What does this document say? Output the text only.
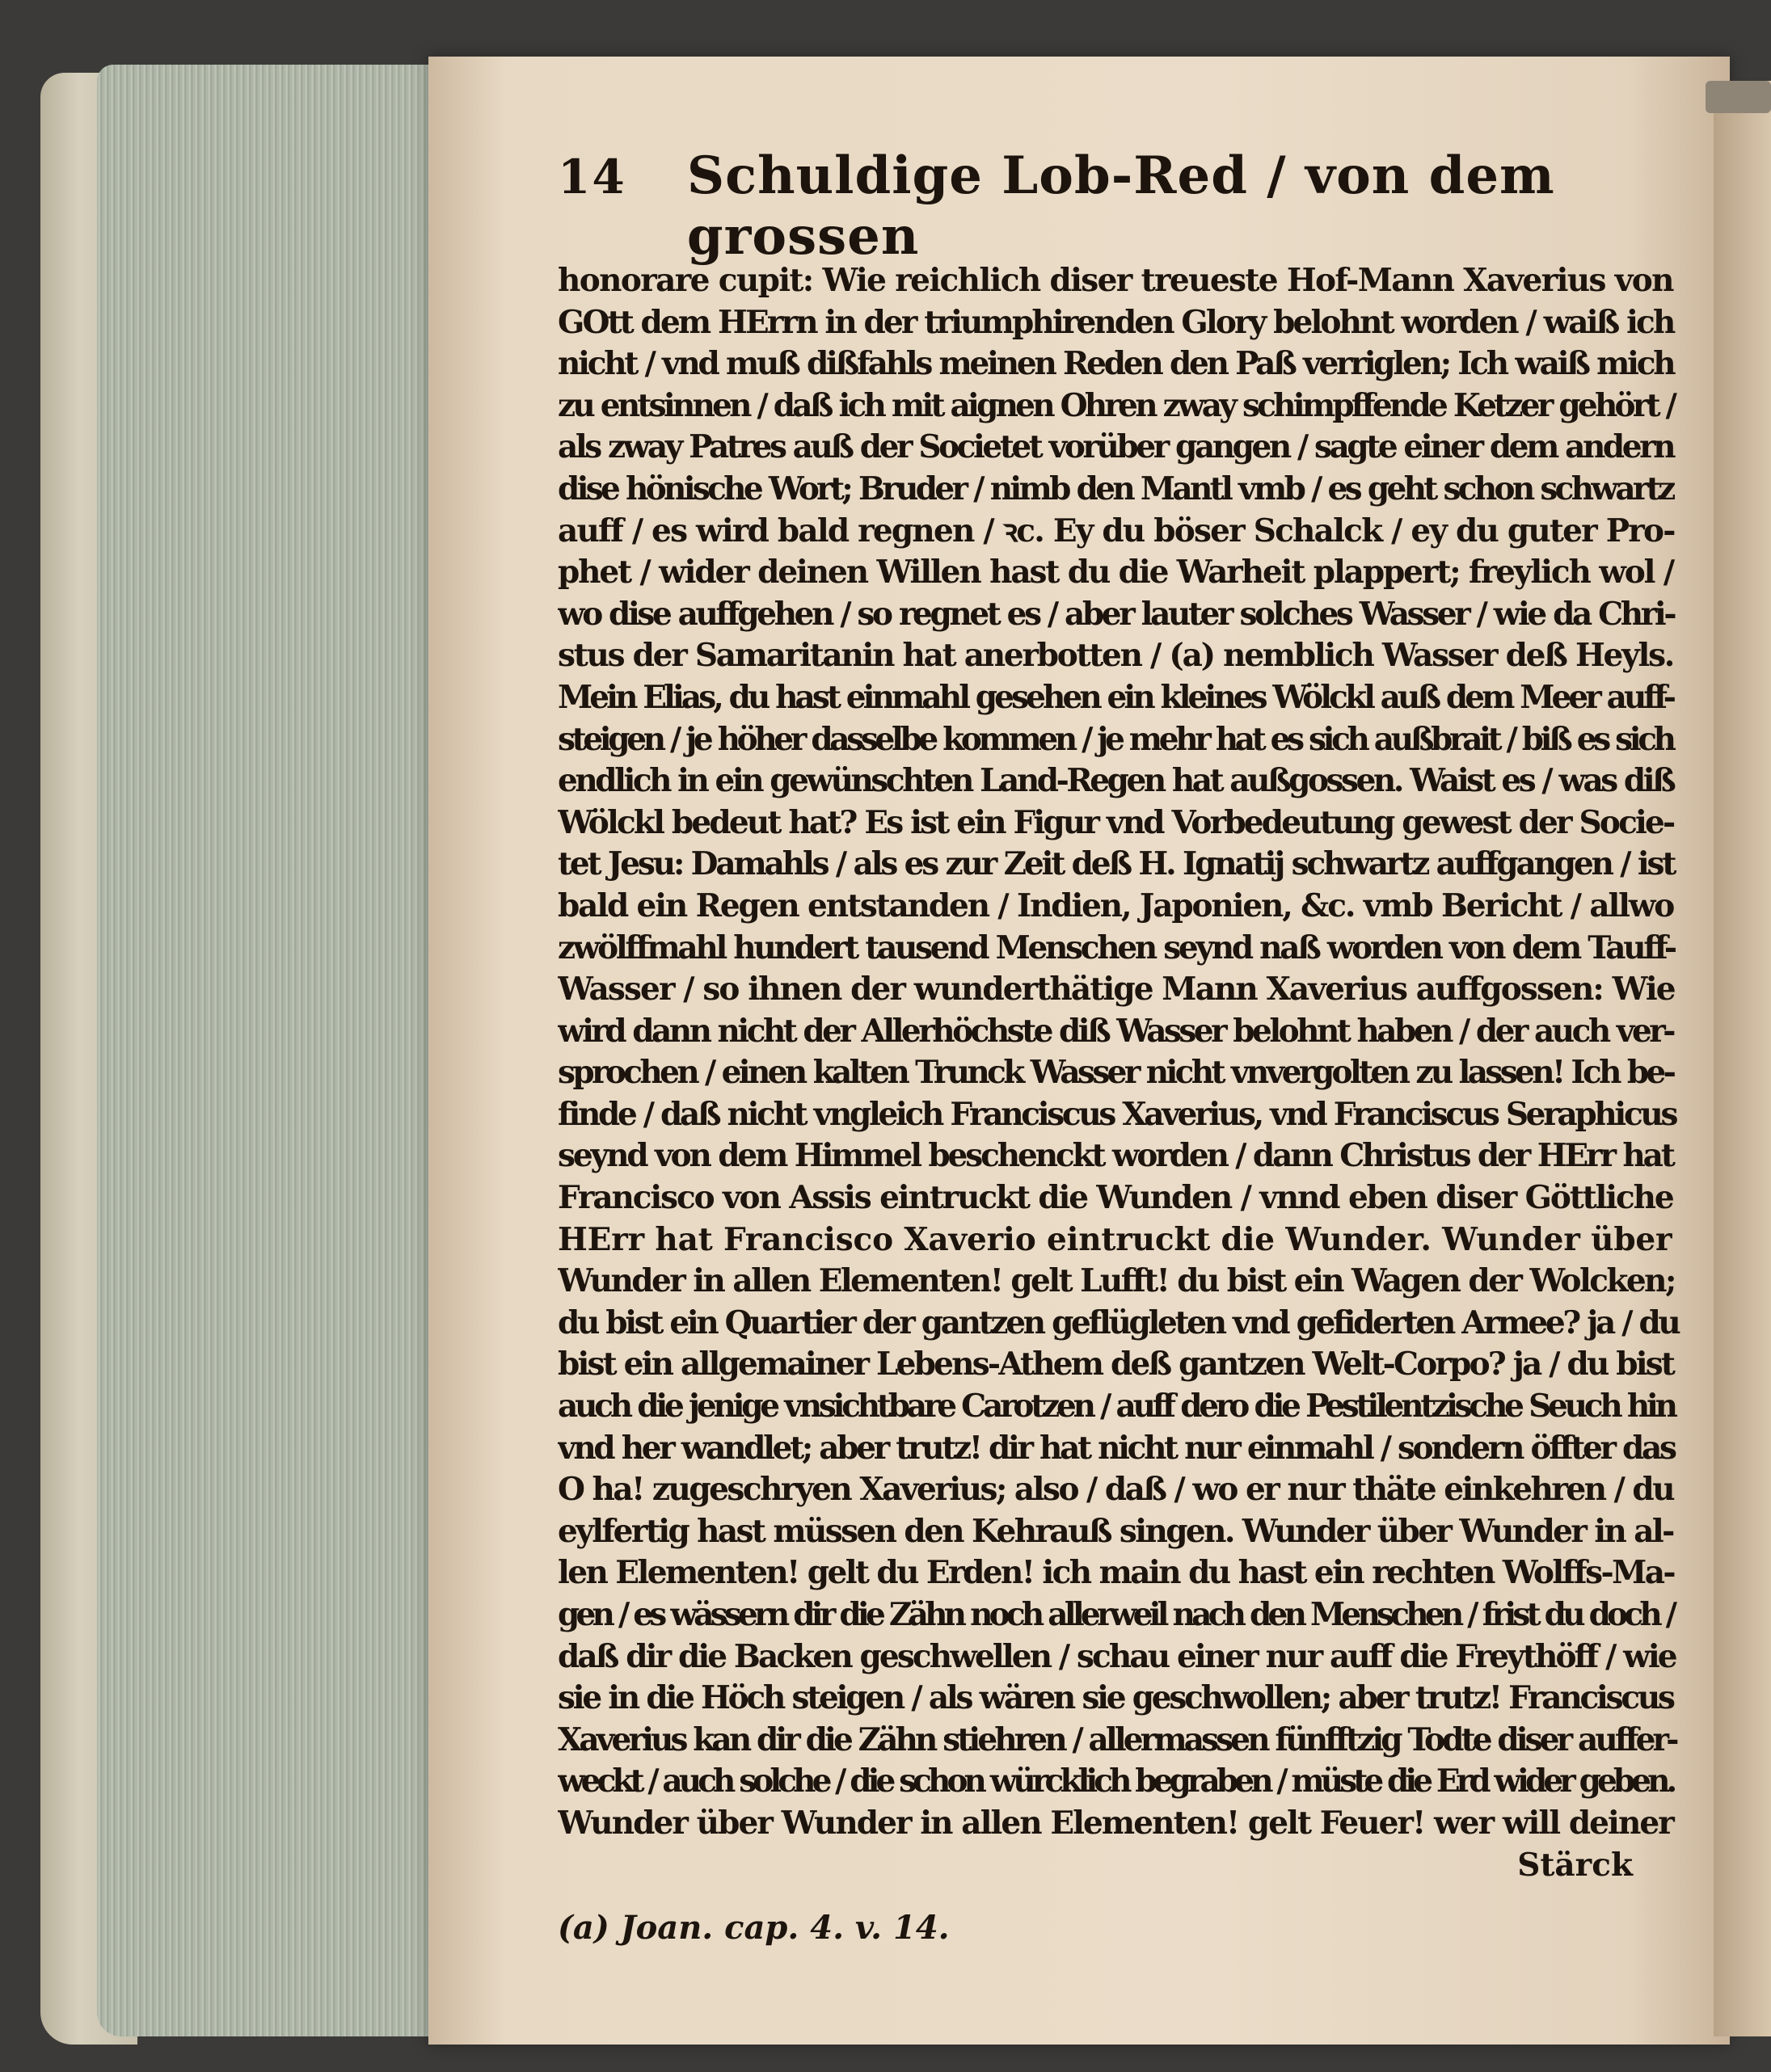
14	Schuldige Lob-Red / von dem grossen
honorare cupit: Wie reichlich diser treueste Hof-Mann Xaverius von
GOtt dem HErrn in der triumphirenden Glory belohnt worden / waiß ich
nicht / vnd muß dißfahls meinen Reden den Paß verriglen; Ich waiß mich
zu entsinnen / daß ich mit aignen Ohren zway schimpffende Ketzer gehört /
als zway Patres auß der Societet vorüber gangen / sagte einer dem andern
dise hönische Wort; Bruder / nimb den Mantl vmb / es geht schon schwartz
auff / es wird bald regnen / ꝛc. Ey du böser Schalck / ey du guter Pro-
phet / wider deinen Willen hast du die Warheit plappert; freylich wol /
wo dise auffgehen / so regnet es / aber lauter solches Wasser / wie da Chri-
stus der Samaritanin hat anerbotten / (a) nemblich Wasser deß Heyls.
Mein Elias, du hast einmahl gesehen ein kleines Wölckl auß dem Meer auff-
steigen / je höher dasselbe kommen / je mehr hat es sich außbrait / biß es sich
endlich in ein gewünschten Land-Regen hat außgossen. Waist es / was diß
Wölckl bedeut hat? Es ist ein Figur vnd Vorbedeutung gewest der Socie-
tet Jesu: Damahls / als es zur Zeit deß H. Ignatij schwartz auffgangen / ist
bald ein Regen entstanden / Indien, Japonien, &c. vmb Bericht / allwo
zwölffmahl hundert tausend Menschen seynd naß worden von dem Tauff-
Wasser / so ihnen der wunderthätige Mann Xaverius auffgossen: Wie
wird dann nicht der Allerhöchste diß Wasser belohnt haben / der auch ver-
sprochen / einen kalten Trunck Wasser nicht vnvergolten zu lassen! Ich be-
finde / daß nicht vngleich Franciscus Xaverius, vnd Franciscus Seraphicus
seynd von dem Himmel beschenckt worden / dann Christus der HErr hat
Francisco von Assis eintruckt die Wunden / vnnd eben diser Göttliche
HErr hat Francisco Xaverio eintruckt die Wunder. Wunder über
Wunder in allen Elementen! gelt Lufft! du bist ein Wagen der Wolcken;
du bist ein Quartier der gantzen geflügleten vnd gefiderten Armee? ja / du
bist ein allgemainer Lebens-Athem deß gantzen Welt-Corpo? ja / du bist
auch die jenige vnsichtbare Carotzen / auff dero die Pestilentzische Seuch hin
vnd her wandlet; aber trutz! dir hat nicht nur einmahl / sondern öffter das
O ha! zugeschryen Xaverius; also / daß / wo er nur thäte einkehren / du
eylfertig hast müssen den Kehrauß singen. Wunder über Wunder in al-
len Elementen! gelt du Erden! ich main du hast ein rechten Wolffs-Ma-
gen / es wässern dir die Zähn noch allerweil nach den Menschen / frist du doch /
daß dir die Backen geschwellen / schau einer nur auff die Freythöff / wie
sie in die Höch steigen / als wären sie geschwollen; aber trutz! Franciscus
Xaverius kan dir die Zähn stiehren / allermassen fünfftzig Todte diser auffer-
weckt / auch solche / die schon würcklich begraben / müste die Erd wider geben.
Wunder über Wunder in allen Elementen! gelt Feuer! wer will deiner
Stärck
(a) Joan. cap. 4. v. 14.
